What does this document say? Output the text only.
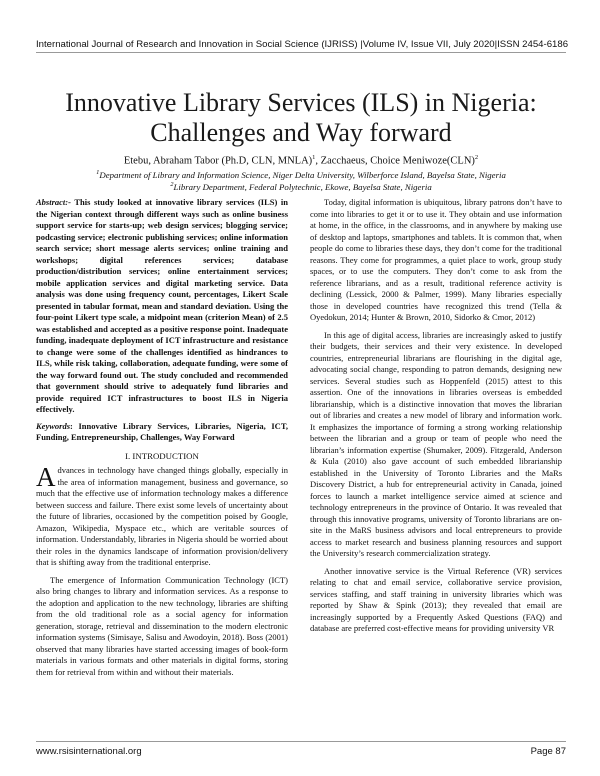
International Journal of Research and Innovation in Social Science (IJRISS) |Volume IV, Issue VII, July 2020|ISSN 2454-6186
Innovative Library Services (ILS) in Nigeria:
Challenges and Way forward
Etebu, Abraham Tabor (Ph.D, CLN, MNLA)$^1$, Zacchaeus, Choice Meniwoze(CLN)$^2$
$^1$Department of Library and Information Science, Niger Delta University, Wilberforce Island, Bayelsa State, Nigeria
$^2$Library Department, Federal Polytechnic, Ekowe, Bayelsa State, Nigeria
Abstract:- This study looked at innovative library services (ILS) in the Nigerian context through different ways such as online business support service for starts-up; web design services; blogging service; podcasting service; electronic publishing services; online information search service; short message alerts services; online training and workshops; digital references services; database production/distribution services; online entertainment services; mobile application services and digital marketing service. Data analysis was done using frequency count, percentages, Likert Scale presented in tabular format, mean and standard deviation. Using the four-point Likert type scale, a midpoint mean (criterion Mean) of 2.5 was established and accepted as a positive response point. Inadequate funding, inadequate deployment of ICT infrastructure and resistance to change were some of the challenges identified as hindrances to ILS, while risk taking, collaboration, adequate funding, were some of the way forward found out. The study concluded and recommended that government should strive to adequately fund libraries and provide required ICT infrastructures to boost ILS in Nigeria effectively.
Keywords: Innovative Library Services, Libraries, Nigeria, ICT, Funding, Entrepreneurship, Challenges, Way Forward
I. INTRODUCTION

Advances in technology have changed things globally, especially in the area of information management, business and governance, so much that the effective use of information technology makes a difference between success and failure. There exist some levels of uncertainty about the future of libraries, occasioned by the competition poised by Google, Amazon, Wikipedia, Myspace etc., which are veritable sources of information. Understandably, libraries in Nigeria should be worried about their roles in the dynamics landscape of information provision/delivery that is shifting away from the traditional enterprise.

The emergence of Information Communication Technology (ICT) also bring changes to library and information services. As a response to the adoption and application to the new technology, libraries are shifting from the old traditional role as a social agency for information generation, storage, retrieval and dissemination to the modern electronic information systems (Simisaye, Salisu and Awodoyin, 2018). Boss (2001) observed that many libraries have started accessing images of book-form materials in various formats and other materials in digital forms, storing them for retrieval from within and without their materials.

Today, digital information is ubiquitous, library patrons don’t have to come into libraries to get it or to use it. They obtain and use information at home, in the office, in the classrooms, and in anywhere by making use of desktop and laptops, smartphones and tablets. It is common that, when people do come to libraries these days, they don’t come for the traditional reasons. They come for programmes, a quiet place to work, group study spaces, or to use the computers. They don’t come to ask from the reference librarians, and as a result, traditional reference activity is declining (Lessick, 2000 & Palmer, 1999). Many libraries especially those in developed countries have recognized this trend (Tella & Oyedokun, 2014; Hunter & Brown, 2010, Sidorko & Cmor, 2012)

In this age of digital access, libraries are increasingly asked to justify their budgets, their services and their very existence. In developed countries, entrepreneurial librarians are flourishing in the digital age, advocating social change, responding to patron demands, designing new services. Several studies such as Hoppenfeld (2015) attest to this assertion. One of the innovations in libraries overseas is embedded librarianship, which is a distinctive innovation that moves the librarian out of libraries and creates a new model of library and information work. It emphasizes the importance of forming a strong working relationship between the librarian and a group or team of people who need the librarian’s information expertise (Shumaker, 2009). Fitzgerald, Anderson & Kula (2010) also gave account of such embedded librarianship established in the University of Toronto Libraries and the MaRs Discovery District, a hub for entrepreneurial activity in Canada, joined forces to launch a market intelligence service aimed at science and technology entrepreneurs in the province of Ontario. It was revealed that through this innovative programs, university of Toronto librarians are on-site in the MaRS business advisors and local entrepreneurs to provide access to market research and business planning resources and support the University’s research commercialization strategy.

Another innovative service is the Virtual Reference (VR) services relating to chat and email service, collaborative service provision, services staffing, and staff training in university libraries which was reported by Shaw & Spink (2013); they revealed that email are increasingly supported by a Frequently Asked Questions (FAQ) and database are preferred cost-effective means for providing university VR

www.rsisinternational.org	Page 87
